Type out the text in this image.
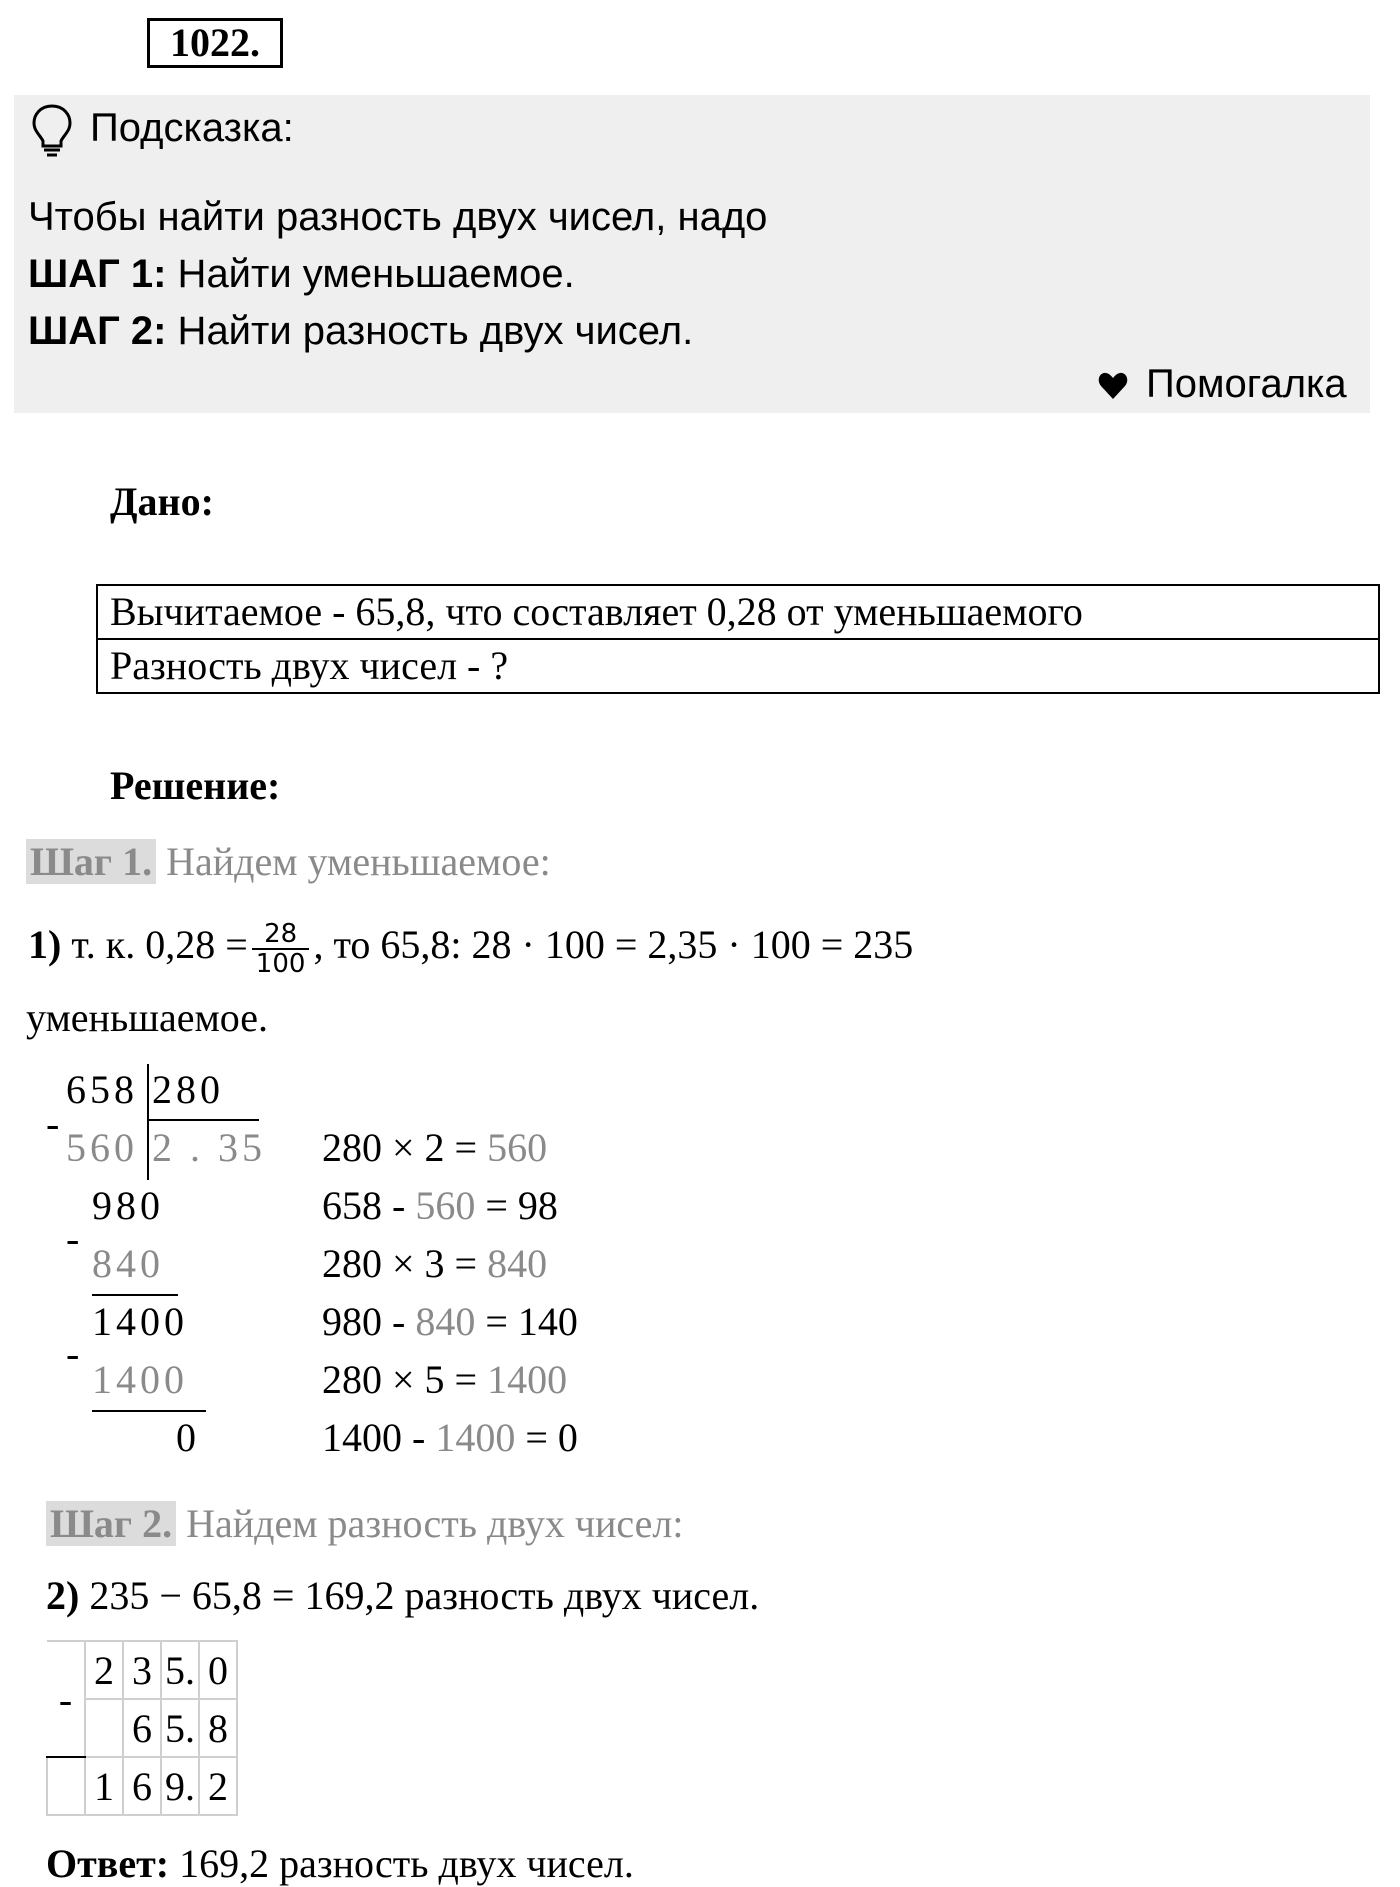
1022.
Подсказка:
Чтобы найти разность двух чисел, надо
ШАГ 1: Найти уменьшаемое.
ШАГ 2: Найти разность двух чисел.
Помогалка
Дано:
Вычитаемое - 65,8, что составляет 0,28 от уменьшаемого
Разность двух чисел - ?
Решение:
Шаг 1. Найдем уменьшаемое:
1) т. к. $0,28 = \frac{28}{100}$ , то 65,8: 28 · 100 = 2,35 · 100 = 235
уменьшаемое.
658 280
2 . 35
-
560
980
-
840
1400
-
1400
0
280 × 2 = 560
658 - 560 = 98
280 × 3 = 840
980 - 840 = 140
280 × 5 = 1400
1400 - 1400 = 0
Шаг 2. Найдем разность двух чисел:
2) 235 − 65,8 = 169,2 разность двух чисел.
-	2	3	5.	0
		6	5.	8
	1	6	9.	2
Ответ: 169,2 разность двух чисел.
